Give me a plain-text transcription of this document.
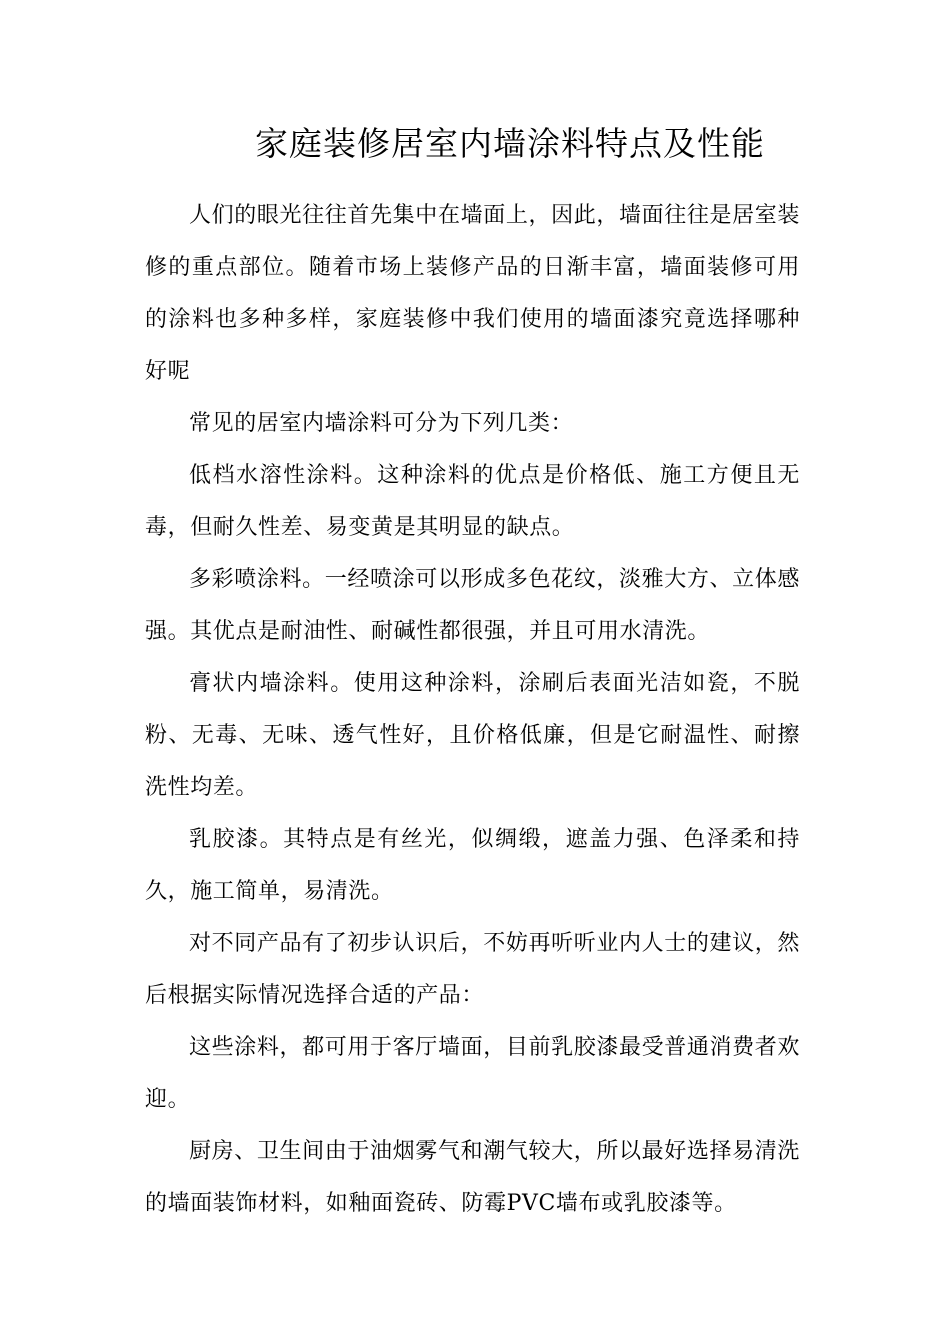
家庭装修居室内墙涂料特点及性能

人们的眼光往往首先集中在墙面上，因此，墙面往往是居室装修的重点部位。随着市场上装修产品的日渐丰富，墙面装修可用的涂料也多种多样，家庭装修中我们使用的墙面漆究竟选择哪种好呢

常见的居室内墙涂料可分为下列几类：

低档水溶性涂料。这种涂料的优点是价格低、施工方便且无毒，但耐久性差、易变黄是其明显的缺点。

多彩喷涂料。一经喷涂可以形成多色花纹，淡雅大方、立体感强。其优点是耐油性、耐碱性都很强，并且可用水清洗。

膏状内墙涂料。使用这种涂料，涂刷后表面光洁如瓷，不脱粉、无毒、无味、透气性好，且价格低廉，但是它耐温性、耐擦洗性均差。

乳胶漆。其特点是有丝光，似绸缎，遮盖力强、色泽柔和持久，施工简单，易清洗。

对不同产品有了初步认识后，不妨再听听业内人士的建议，然后根据实际情况选择合适的产品：

这些涂料，都可用于客厅墙面，目前乳胶漆最受普通消费者欢迎。

厨房、卫生间由于油烟雾气和潮气较大，所以最好选择易清洗的墙面装饰材料，如釉面瓷砖、防霉PVC墙布或乳胶漆等。
